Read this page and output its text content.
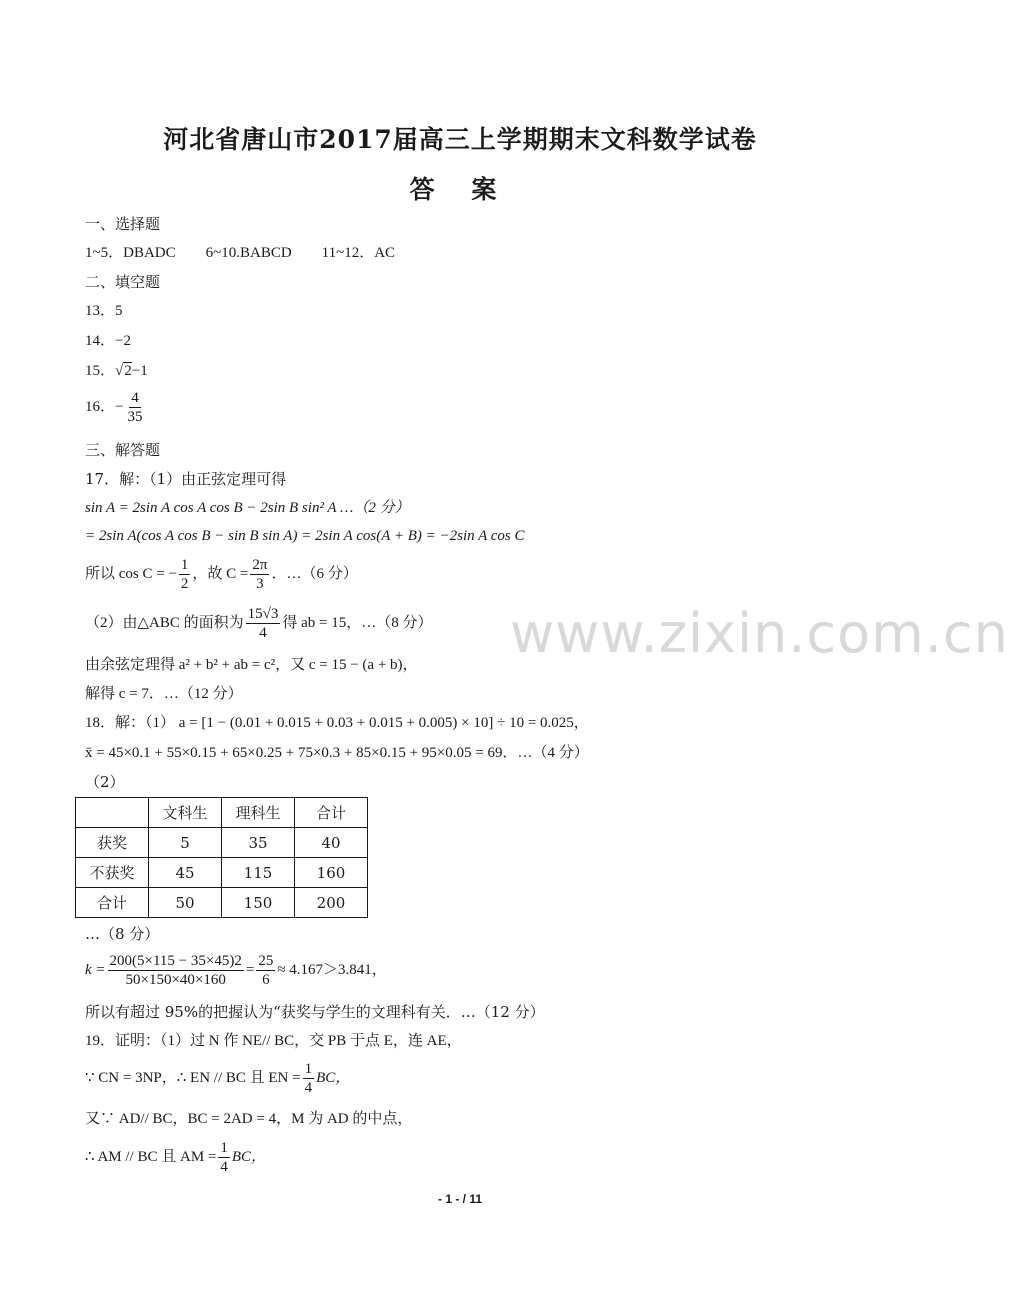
河北省唐山市2017届高三上学期期末文科数学试卷
答 案
www.zixin.com.cn
一、选择题
1~5．DBADC　　6~10.BABCD　　11~12．AC
二、填空题
13．5
14．−2
15．√2−1
16．− $\frac{4}{35}$
三、解答题
17．解：（1）由正弦定理可得
sin A = 2sin A cos A cos B − 2sin B sin² A …（2 分）
= 2sin A(cos A cos B − sin B sin A) = 2sin A cos(A + B) = −2sin A cos C
所以 cos C = − $\frac{1}{2}$ ，故 $C = \frac{2\pi}{3}$ ．…（6 分）
（2）由△ABC 的面积为 $\frac{15√3}{4}$ 得 ab = 15，…（8 分）
由余弦定理得 a² + b² + ab = c²，又 c = 15 − (a + b)，
解得 c = 7．…（12 分）
18．解：（1） a = [1 − (0.01 + 0.015 + 0.03 + 0.015 + 0.005) × 10] ÷ 10 = 0.025，
x̄ = 45×0.1 + 55×0.15 + 65×0.25 + 75×0.3 + 85×0.15 + 95×0.05 = 69．…（4 分）
（2）
	文科生	理科生	合计
获奖	5	35	40
不获奖	45	115	160
合计	50	150	200
…（8 分）
$k = \frac{200(5\times 115 - 35\times 45)2}{50\times 150\times 40\times 160} = \frac{25}{6} \approx 4.167>3.841$，
所以有超过 95%的把握认为“获奖与学生的文理科有关．…（12 分）
19．证明：（1）过 N 作 NE// BC，交 PB 于点 E，连 AE，
∵ CN = 3NP，∴ EN // BC 且 EN = $\frac{1}{4}$ BC，
又∵ AD// BC，BC = 2AD = 4，M 为 AD 的中点，
∴ AM // BC 且 AM = $\frac{1}{4}$ BC，
- 1 - / 11
